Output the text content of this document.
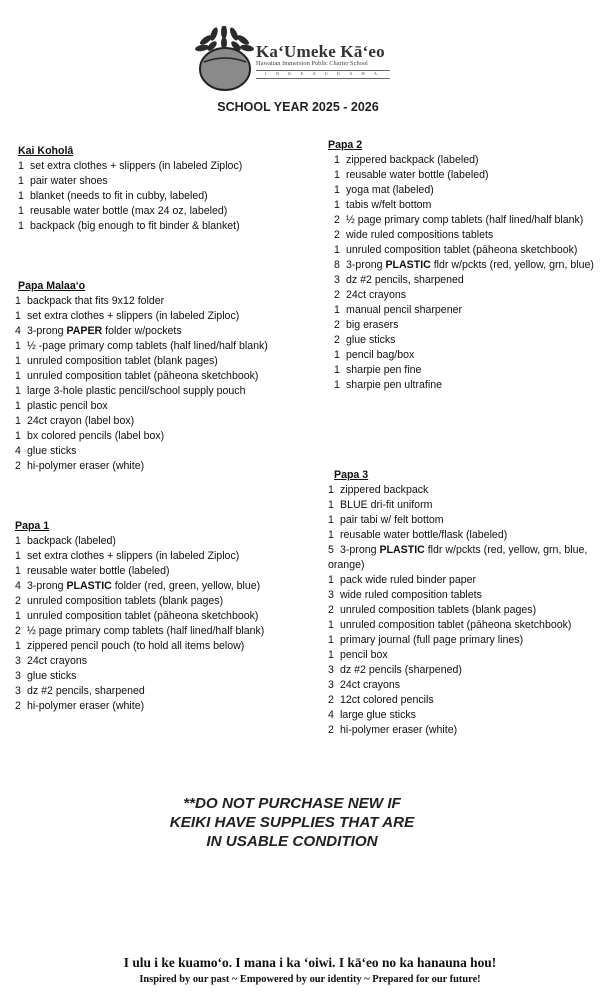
Ka‘Umeke Kā‘eo
Hawaiian Immersion Public Charter School
I N K E A U K A H A
SCHOOL YEAR 2025 - 2026
Kai Koholā
1 set extra clothes + slippers (in labeled Ziploc)
1 pair water shoes
1 blanket (needs to fit in cubby, labeled)
1 reusable water bottle (max 24 oz, labeled)
1 backpack (big enough to fit binder & blanket)
Papa Malaa‘o
1 backpack that fits 9x12 folder
1 set extra clothes + slippers (in labeled Ziploc)
4 3-prong PAPER folder w/pockets
1 ½ -page primary comp tablets (half lined/half blank)
1 unruled composition tablet (blank pages)
1 unruled composition tablet (pāheona sketchbook)
1 large 3-hole plastic pencil/school supply pouch
1 plastic pencil box
1 24ct crayon (label box)
1 bx colored pencils (label box)
4 glue sticks
2 hi-polymer eraser (white)
Papa 1
1 backpack (labeled)
1 set extra clothes + slippers (in labeled Ziploc)
1 reusable water bottle (labeled)
4 3-prong PLASTIC folder (red, green, yellow, blue)
2 unruled composition tablets (blank pages)
1 unruled composition tablet (pāheona sketchbook)
2 ½ page primary comp tablets (half lined/half blank)
1 zippered pencil pouch (to hold all items below)
3 24ct crayons
3 glue sticks
3 dz #2 pencils, sharpened
2 hi-polymer eraser (white)
Papa 2
1 zippered backpack (labeled)
1 reusable water bottle (labeled)
1 yoga mat (labeled)
1 tabis w/felt bottom
2 ½ page primary comp tablets (half lined/half blank)
2 wide ruled compositions tablets
1 unruled composition tablet (pāheona sketchbook)
8 3-prong PLASTIC fldr w/pckts (red, yellow, grn, blue)
3 dz #2 pencils, sharpened
2 24ct crayons
1 manual pencil sharpener
2 big erasers
2 glue sticks
1 pencil bag/box
1 sharpie pen fine
1 sharpie pen ultrafine
Papa 3
1 zippered backpack
1 BLUE dri-fit uniform
1 pair tabi w/ felt bottom
1 reusable water bottle/flask (labeled)
5 3-prong PLASTIC fldr w/pckts (red, yellow, grn, blue,
orange)
1 pack wide ruled binder paper
3 wide ruled composition tablets
2 unruled composition tablets (blank pages)
1 unruled composition tablet (pāheona sketchbook)
1 primary journal (full page primary lines)
1 pencil box
3 dz #2 pencils (sharpened)
3 24ct crayons
2 12ct colored pencils
4 large glue sticks
2 hi-polymer eraser (white)
**DO NOT PURCHASE NEW IF
KEIKI HAVE SUPPLIES THAT ARE
IN USABLE CONDITION
I ulu i ke kuamo‘o. I mana i ka ‘oiwi. I kā‘eo no ka hanauna hou!
Inspired by our past ~ Empowered by our identity ~ Prepared for our future!
